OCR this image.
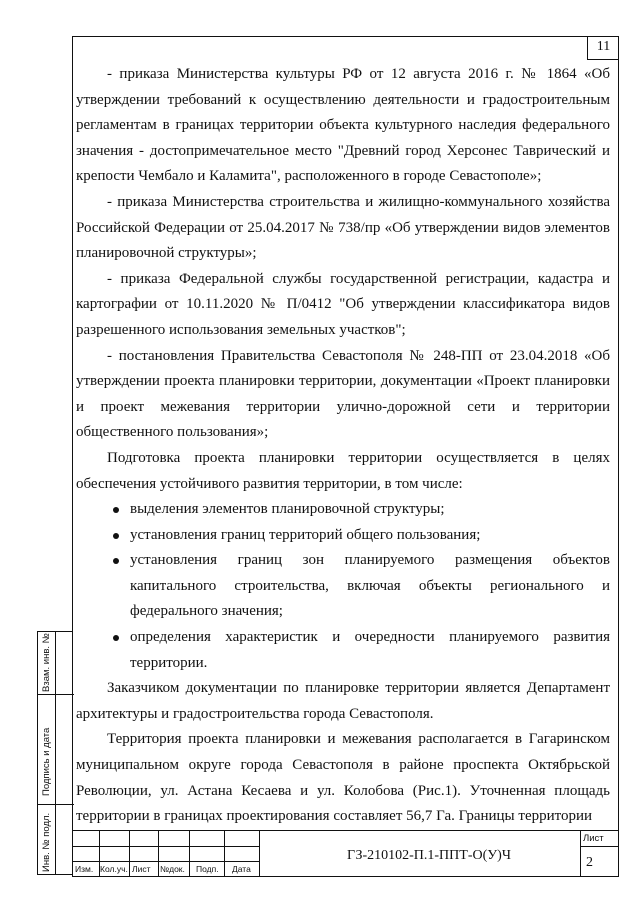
11

- приказа Министерства культуры РФ от 12 августа 2016 г. № 1864 «Об утверждении требований к осуществлению деятельности и градостроительным регламентам в границах территории объекта культурного наследия федерального значения - достопримечательное место "Древний город Херсонес Таврический и крепости Чембало и Каламита", расположенного в городе Севастополе»;

- приказа Министерства строительства и жилищно-коммунального хозяйства Российской Федерации от 25.04.2017 № 738/пр «Об утверждении видов элементов планировочной структуры»;

- приказа Федеральной службы государственной регистрации, кадастра и картографии от 10.11.2020 № П/0412 "Об утверждении классификатора видов разрешенного использования земельных участков";

- постановления Правительства Севастополя № 248-ПП от 23.04.2018 «Об утверждении проекта планировки территории, документации «Проект планировки и проект межевания территории улично-дорожной сети и территории общественного пользования»;

Подготовка проекта планировки территории осуществляется в целях обеспечения устойчивого развития территории, в том числе:

выделения элементов планировочной структуры;
установления границ территорий общего пользования;
установления границ зон планируемого размещения объектов капитального строительства, включая объекты регионального и федерального значения;
определения характеристик и очередности планируемого развития территории.

Заказчиком документации по планировке территории является Департамент архитектуры и градостроительства города Севастополя.

Территория проекта планировки и межевания располагается в Гагаринском муниципальном округе города Севастополя в районе проспекта Октябрьской Революции, ул. Астана Кесаева и ул. Колобова (Рис.1). Уточненная площадь территории в границах проектирования составляет 56,7 Га. Границы территории

Взам. инв. №
Подпись и дата
Инв. № подл.	Изм. Кол.уч. Лист №док. Подп. Дата
ГЗ-210102-П.1-ППТ-О(У)Ч
Лист
2
